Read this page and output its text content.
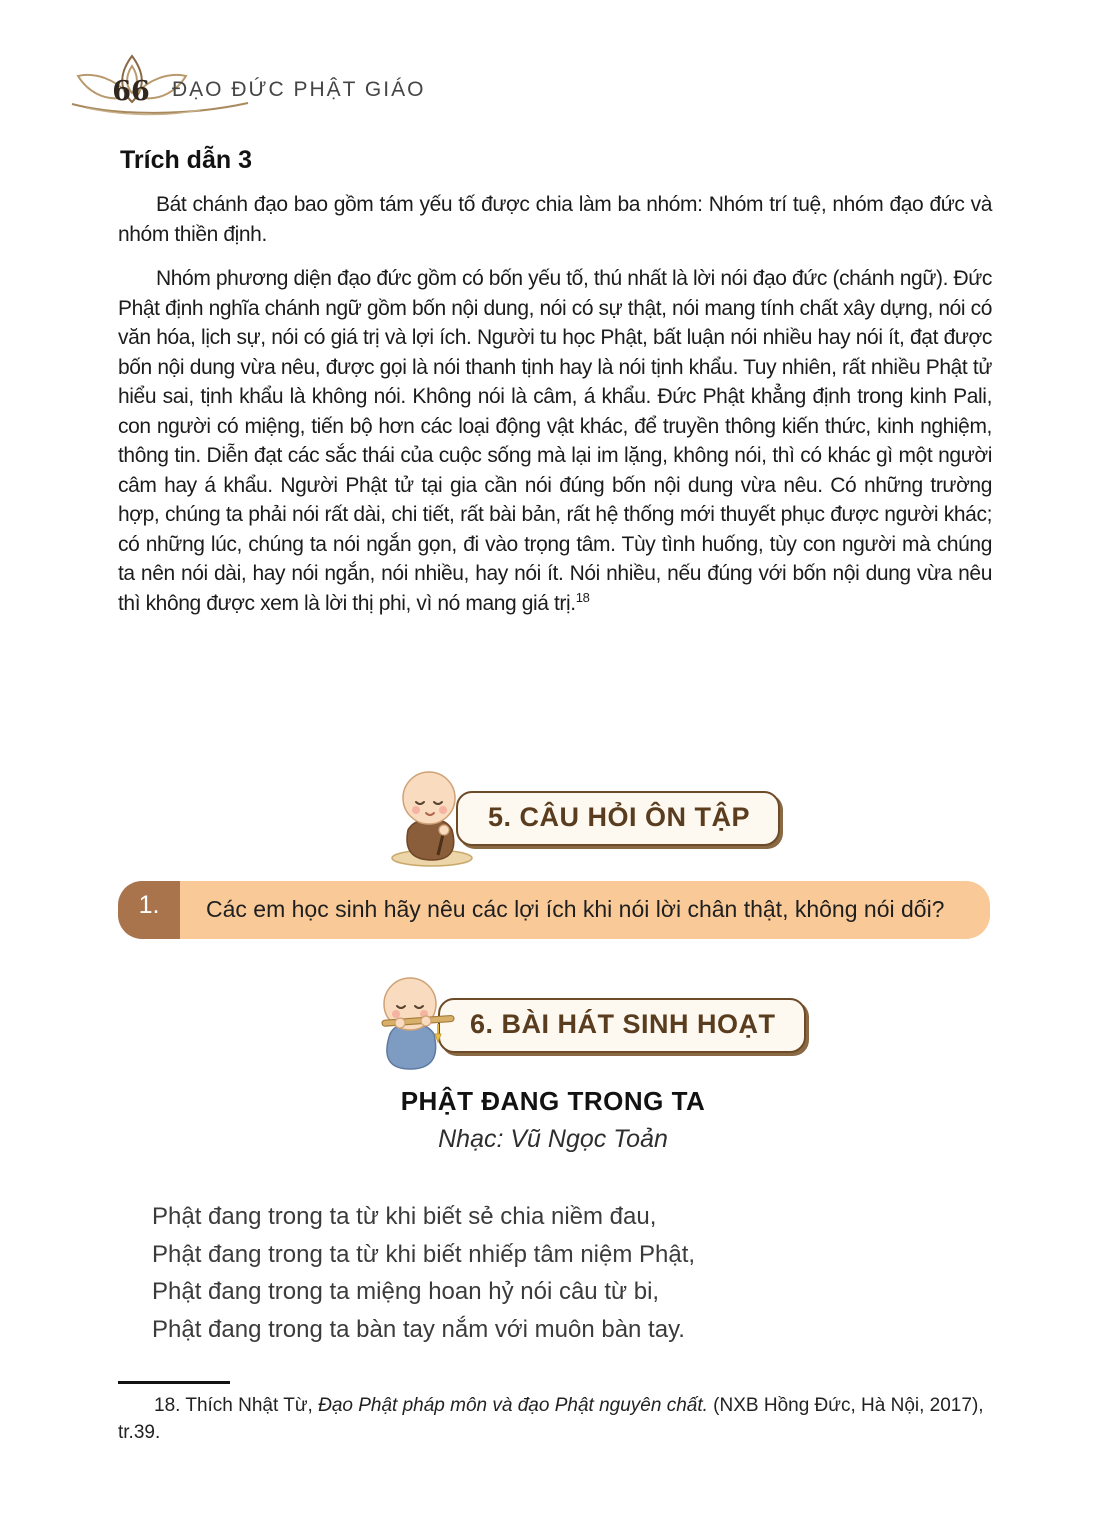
66	ĐẠO ĐỨC PHẬT GIÁO
Trích dẫn 3

Bát chánh đạo bao gồm tám yếu tố được chia làm ba nhóm: Nhóm trí tuệ, nhóm đạo đức và nhóm thiền định.

Nhóm phương diện đạo đức gồm có bốn yếu tố, thú nhất là lời nói đạo đức (chánh ngữ). Đức Phật định nghĩa chánh ngữ gồm bốn nội dung, nói có sự thật, nói mang tính chất xây dựng, nói có văn hóa, lịch sự, nói có giá trị và lợi ích. Người tu học Phật, bất luận nói nhiều hay nói ít, đạt được bốn nội dung vừa nêu, được gọi là nói thanh tịnh hay là nói tịnh khẩu. Tuy nhiên, rất nhiều Phật tử hiểu sai, tịnh khẩu là không nói. Không nói là câm, á khẩu. Đức Phật khẳng định trong kinh Pali, con người có miệng, tiến bộ hơn các loại động vật khác, để truyền thông kiến thức, kinh nghiệm, thông tin. Diễn đạt các sắc thái của cuộc sống mà lại im lặng, không nói, thì có khác gì một người câm hay á khẩu. Người Phật tử tại gia cần nói đúng bốn nội dung vừa nêu. Có những trường hợp, chúng ta phải nói rất dài, chi tiết, rất bài bản, rất hệ thống mới thuyết phục được người khác; có những lúc, chúng ta nói ngắn gọn, đi vào trọng tâm. Tùy tình huống, tùy con người mà chúng ta nên nói dài, hay nói ngắn, nói nhiều, hay nói ít. Nói nhiều, nếu đúng với bốn nội dung vừa nêu thì không được xem là lời thị phi, vì nó mang giá trị.$^{18}$

5. CÂU HỎI ÔN TẬP
1.	Các em học sinh hãy nêu các lợi ích khi nói lời chân thật, không nói dối?
6. BÀI HÁT SINH HOẠT
PHẬT ĐANG TRONG TA
Nhạc: Vũ Ngọc Toản
Phật đang trong ta từ khi biết sẻ chia niềm đau,
Phật đang trong ta từ khi biết nhiếp tâm niệm Phật,
Phật đang trong ta miệng hoan hỷ nói câu từ bi,
Phật đang trong ta bàn tay nắm với muôn bàn tay.
18. Thích Nhật Từ, Đạo Phật pháp môn và đạo Phật nguyên chất. (NXB Hồng Đức, Hà Nội, 2017),
tr.39.
